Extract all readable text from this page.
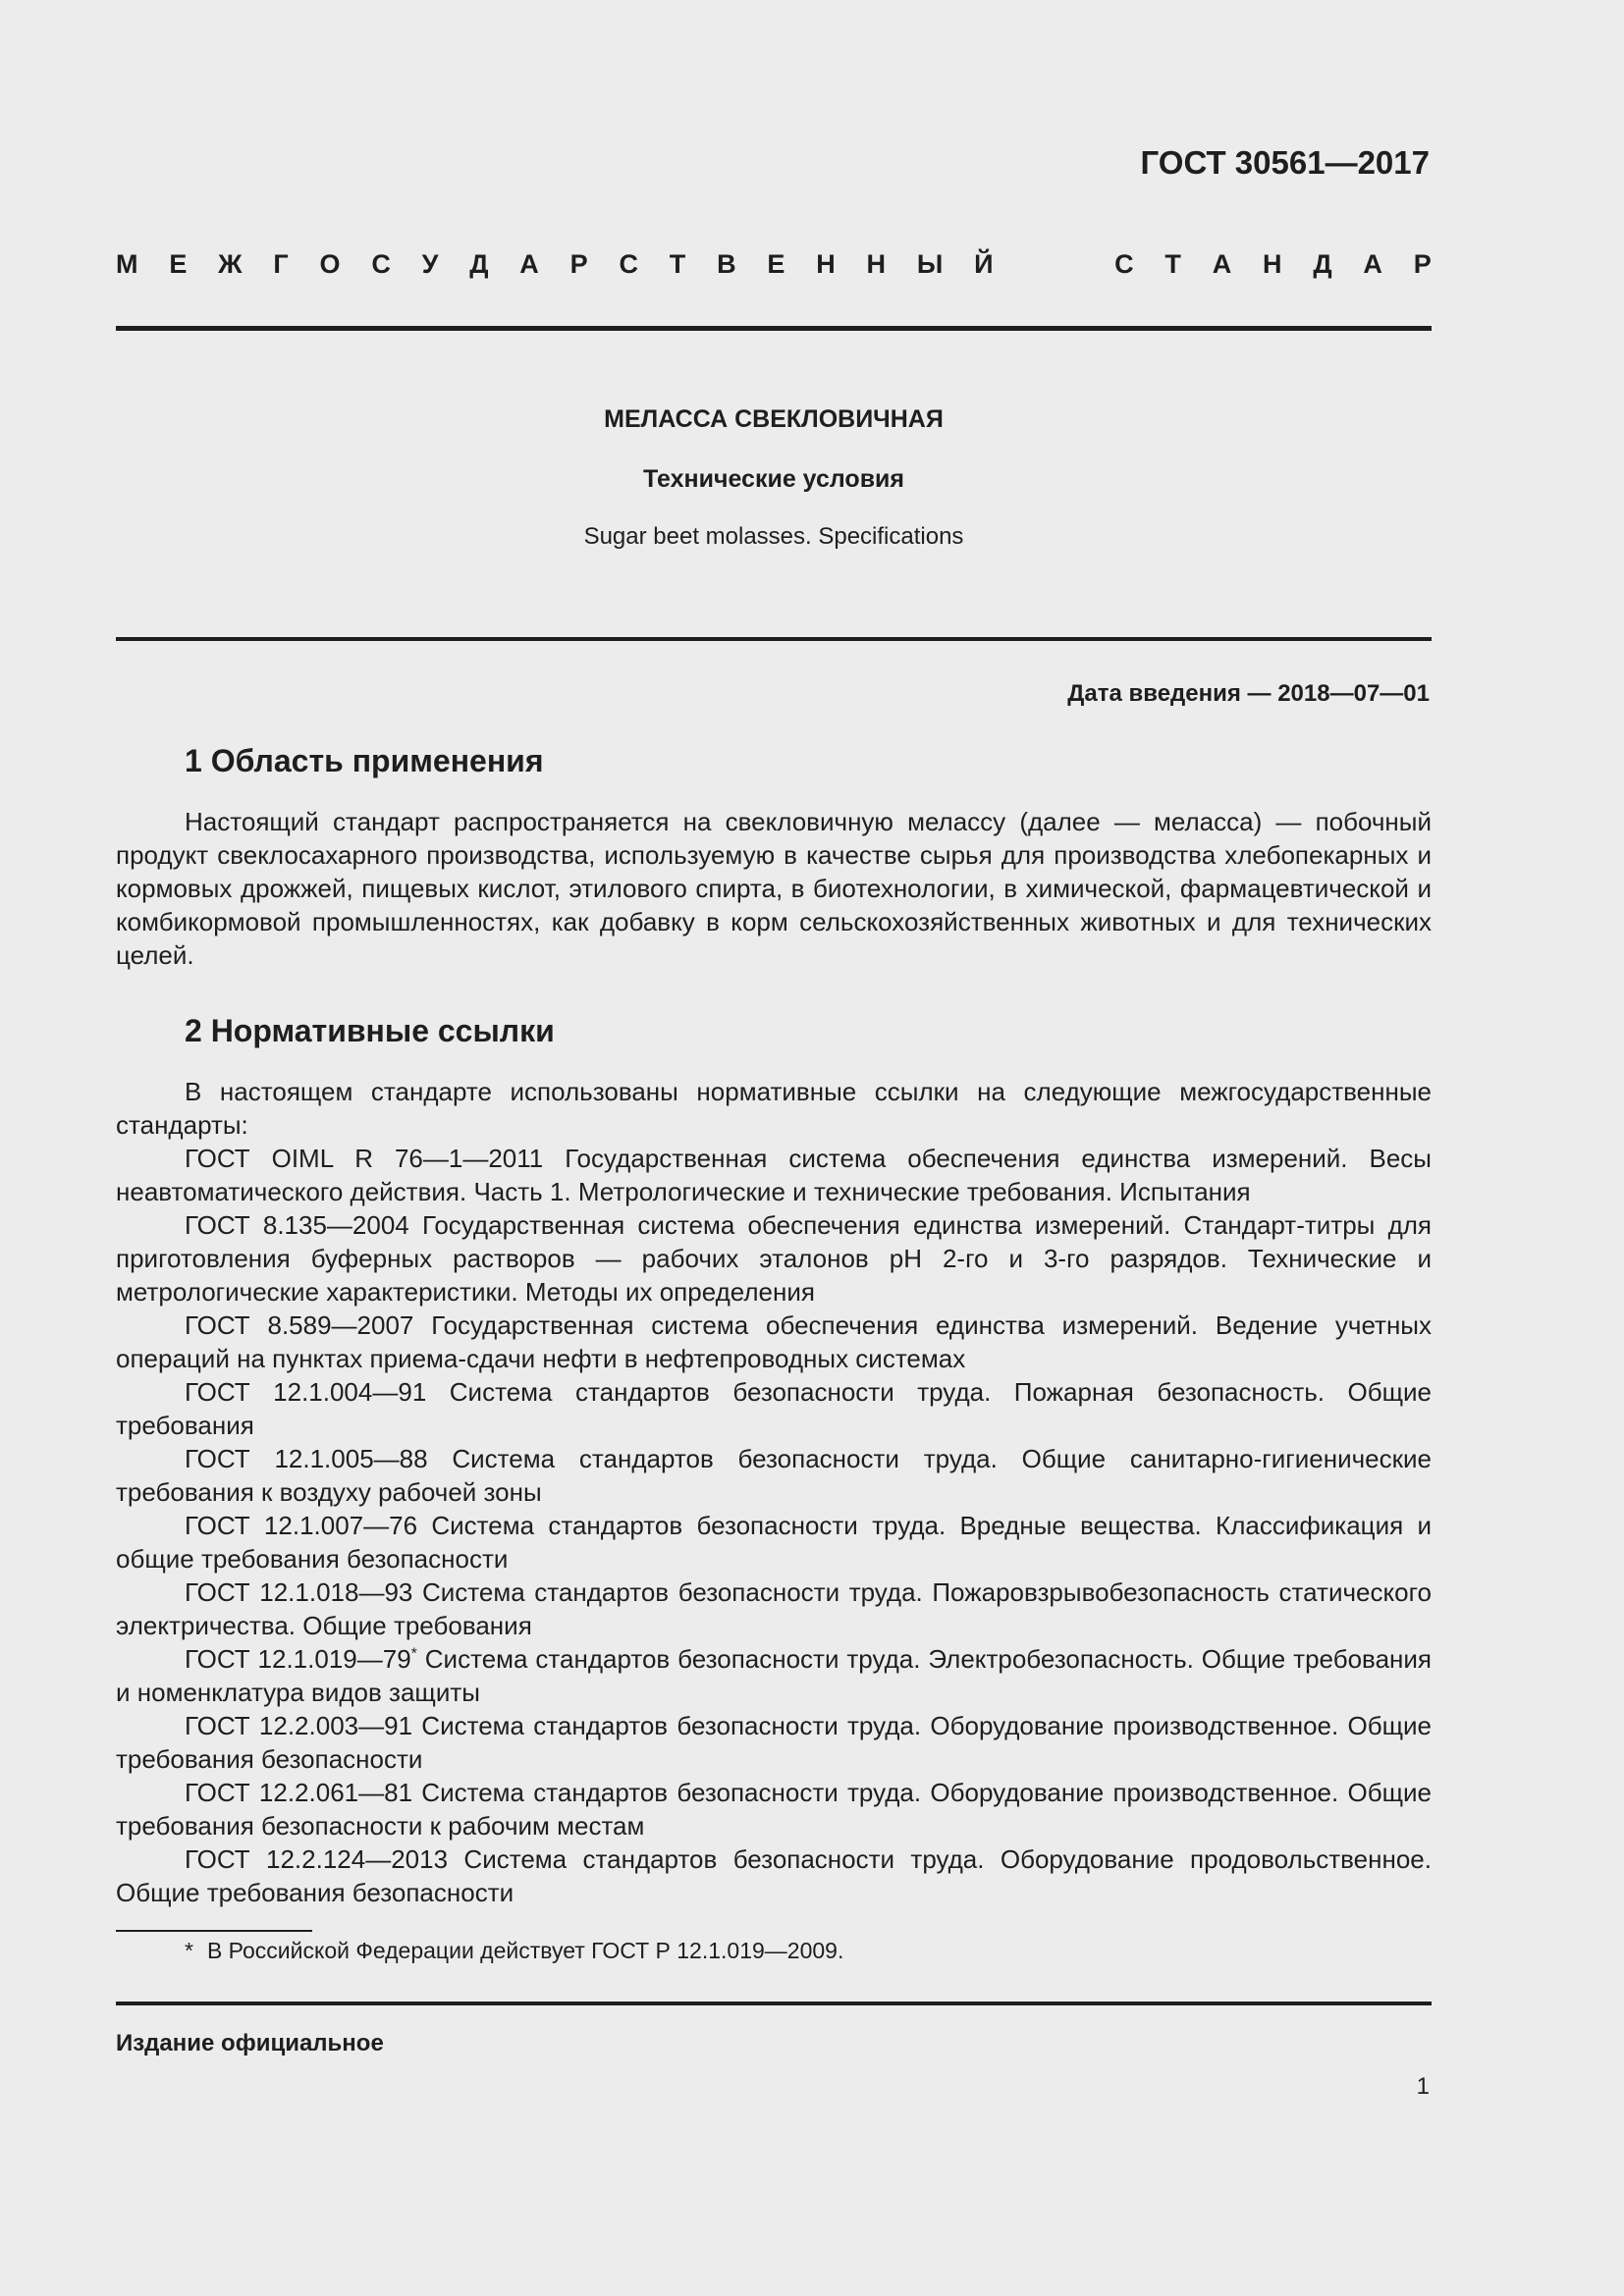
ГОСТ 30561—2017
М Е Ж Г О С У Д А Р С Т В Е Н Н Ы Й	С Т А Н Д А Р
МЕЛАССА СВЕКЛОВИЧНАЯ
Технические условия
Sugar beet molasses. Specifications
Дата введения — 2018—07—01
1 Область применения

Настоящий стандарт распространяется на свекловичную мелассу (далее — меласса) — побочный продукт свеклосахарного производства, используемую в качестве сырья для производства хлебопекарных и кормовых дрожжей, пищевых кислот, этилового спирта, в биотехнологии, в химической, фармацевтической и комбикормовой промышленностях, как добавку в корм сельскохозяйственных животных и для технических целей.

2 Нормативные ссылки

В настоящем стандарте использованы нормативные ссылки на следующие межгосударственные стандарты:

ГОСТ OIML R 76—1—2011 Государственная система обеспечения единства измерений. Весы неавтоматического действия. Часть 1. Метрологические и технические требования. Испытания

ГОСТ 8.135—2004 Государственная система обеспечения единства измерений. Стандарт-титры для приготовления буферных растворов — рабочих эталонов pH 2-го и 3-го разрядов. Технические и метрологические характеристики. Методы их определения

ГОСТ 8.589—2007 Государственная система обеспечения единства измерений. Ведение учетных операций на пунктах приема-сдачи нефти в нефтепроводных системах

ГОСТ 12.1.004—91 Система стандартов безопасности труда. Пожарная безопасность. Общие требования

ГОСТ 12.1.005—88 Система стандартов безопасности труда. Общие санитарно-гигиенические требования к воздуху рабочей зоны

ГОСТ 12.1.007—76 Система стандартов безопасности труда. Вредные вещества. Классификация и общие требования безопасности

ГОСТ 12.1.018—93 Система стандартов безопасности труда. Пожаровзрывобезопасность статического электричества. Общие требования

ГОСТ 12.1.019—79* Система стандартов безопасности труда. Электробезопасность. Общие требования и номенклатура видов защиты

ГОСТ 12.2.003—91 Система стандартов безопасности труда. Оборудование производственное. Общие требования безопасности

ГОСТ 12.2.061—81 Система стандартов безопасности труда. Оборудование производственное. Общие требования безопасности к рабочим местам

ГОСТ 12.2.124—2013 Система стандартов безопасности труда. Оборудование продовольственное. Общие требования безопасности

* В Российской Федерации действует ГОСТ Р 12.1.019—2009.
Издание официальное
1
